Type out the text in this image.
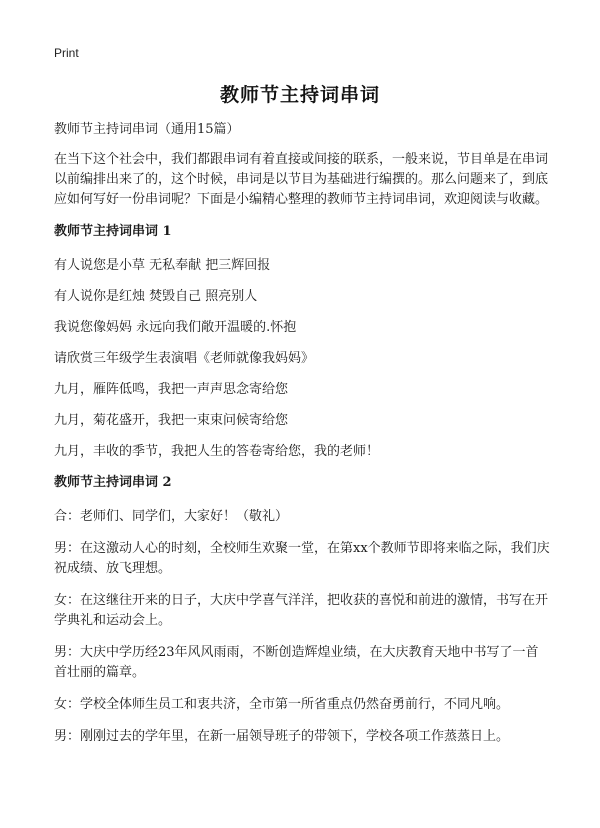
Print
教师节主持词串词

教师节主持词串词（通用15篇）

在当下这个社会中，我们都跟串词有着直接或间接的联系，一般来说，节目单是在串词以前编排出来了的，这个时候，串词是以节目为基础进行编撰的。那么问题来了，到底应如何写好一份串词呢？下面是小编精心整理的教师节主持词串词，欢迎阅读与收藏。

教师节主持词串词 1

有人说您是小草 无私奉献 把三辉回报

有人说你是红烛 焚毁自己 照亮别人

我说您像妈妈 永远向我们敞开温暖的.怀抱

请欣赏三年级学生表演唱《老师就像我妈妈》

九月，雁阵低鸣，我把一声声思念寄给您

九月，菊花盛开，我把一束束问候寄给您

九月，丰收的季节，我把人生的答卷寄给您，我的老师！

教师节主持词串词 2

合：老师们、同学们，大家好！（敬礼）

男：在这激动人心的时刻，全校师生欢聚一堂，在第xx个教师节即将来临之际，我们庆祝成绩、放飞理想。

女：在这继往开来的日子，大庆中学喜气洋洋，把收获的喜悦和前进的激情，书写在开学典礼和运动会上。

男：大庆中学历经23年风风雨雨，不断创造辉煌业绩，在大庆教育天地中书写了一首首壮丽的篇章。

女：学校全体师生员工和衷共济，全市第一所省重点仍然奋勇前行，不同凡响。

男：刚刚过去的学年里，在新一届领导班子的带领下，学校各项工作蒸蒸日上。
